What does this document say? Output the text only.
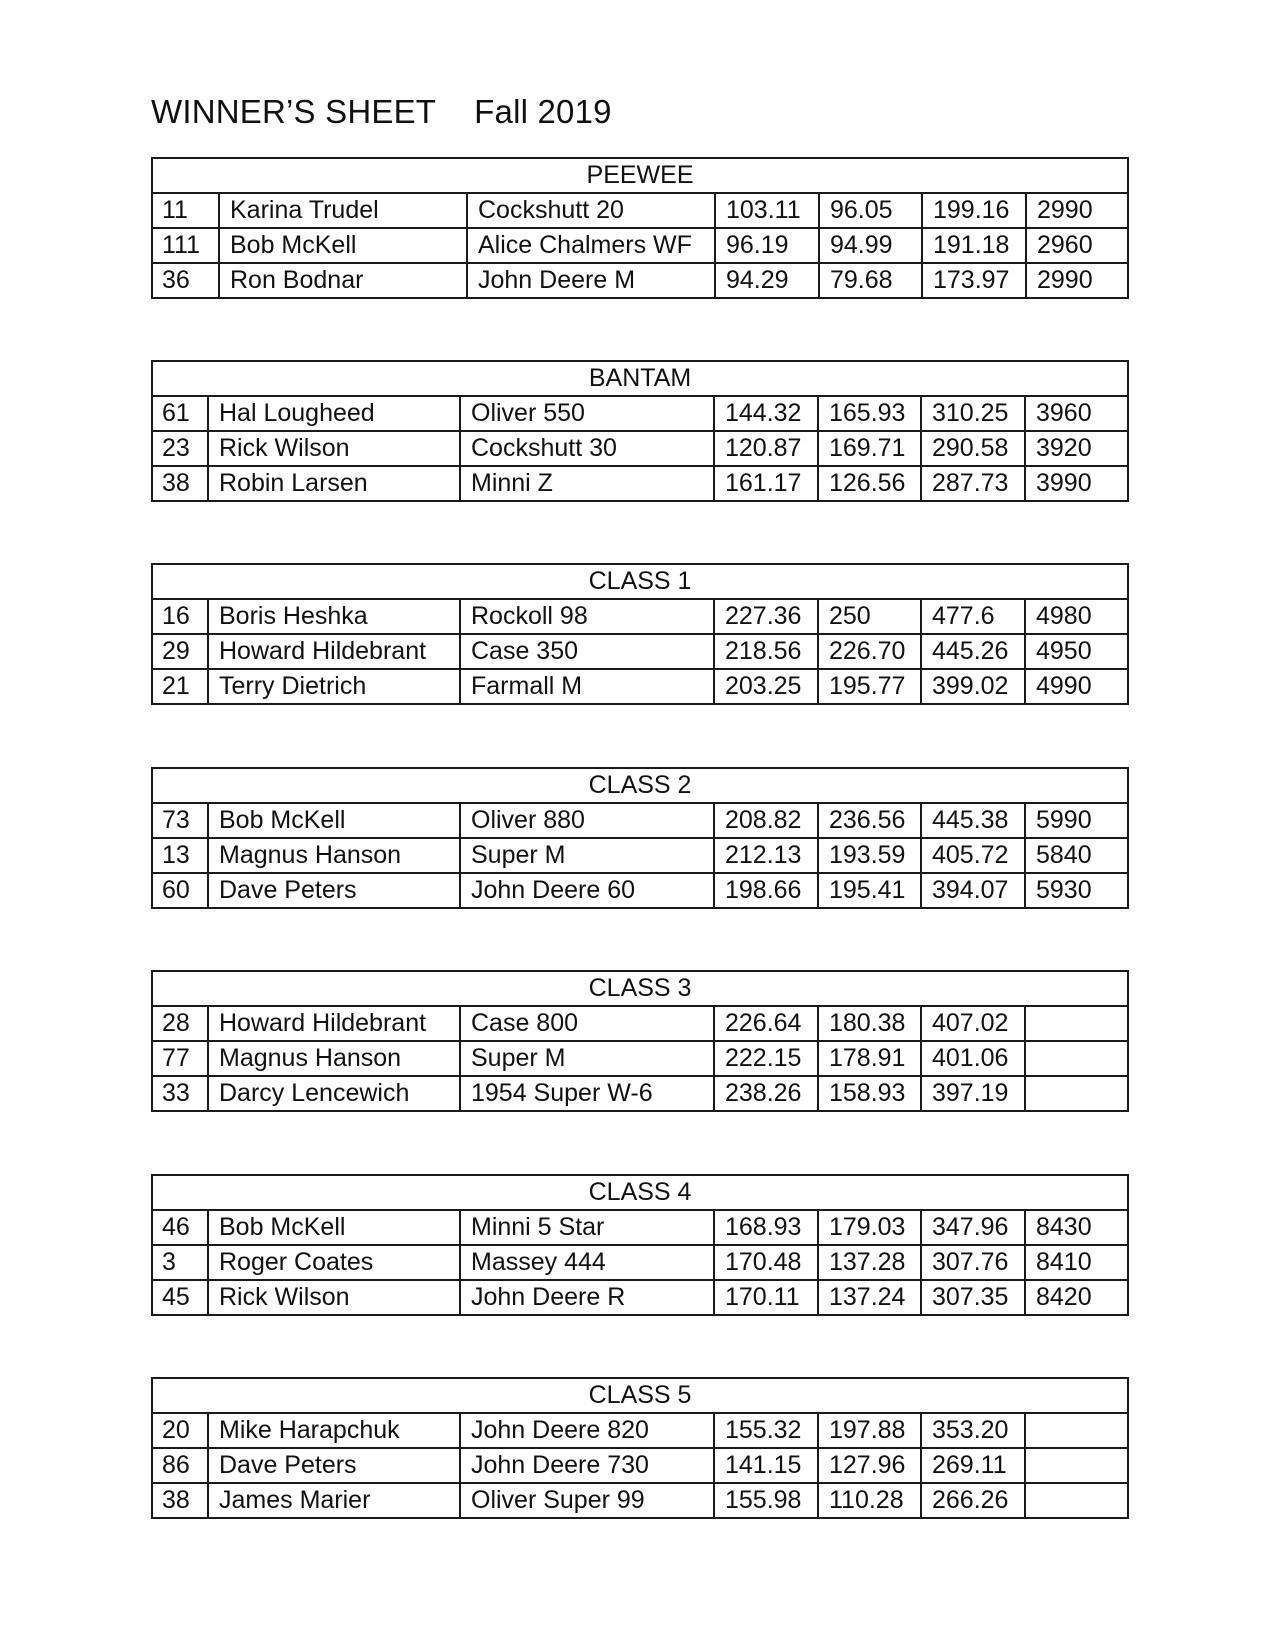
WINNER’S SHEET Fall 2019
PEEWEE						
11	Karina Trudel	Cockshutt 20	103.11	96.05	199.16	2990
111	Bob McKell	Alice Chalmers WF	96.19	94.99	191.18	2960
36	Ron Bodnar	John Deere M	94.29	79.68	173.97	2990
BANTAM						
61	Hal Lougheed	Oliver 550	144.32	165.93	310.25	3960
23	Rick Wilson	Cockshutt 30	120.87	169.71	290.58	3920
38	Robin Larsen	Minni Z	161.17	126.56	287.73	3990
CLASS 1						
16	Boris Heshka	Rockoll 98	227.36	250	477.6	4980
29	Howard Hildebrant	Case 350	218.56	226.70	445.26	4950
21	Terry Dietrich	Farmall M	203.25	195.77	399.02	4990
CLASS 2						
73	Bob McKell	Oliver 880	208.82	236.56	445.38	5990
13	Magnus Hanson	Super M	212.13	193.59	405.72	5840
60	Dave Peters	John Deere 60	198.66	195.41	394.07	5930
CLASS 3						
28	Howard Hildebrant	Case 800	226.64	180.38	407.02	
77	Magnus Hanson	Super M	222.15	178.91	401.06	
33	Darcy Lencewich	1954 Super W-6	238.26	158.93	397.19	
CLASS 4						
46	Bob McKell	Minni 5 Star	168.93	179.03	347.96	8430
3	Roger Coates	Massey 444	170.48	137.28	307.76	8410
45	Rick Wilson	John Deere R	170.11	137.24	307.35	8420
CLASS 5						
20	Mike Harapchuk	John Deere 820	155.32	197.88	353.20	
86	Dave Peters	John Deere 730	141.15	127.96	269.11	
38	James Marier	Oliver Super 99	155.98	110.28	266.26	
